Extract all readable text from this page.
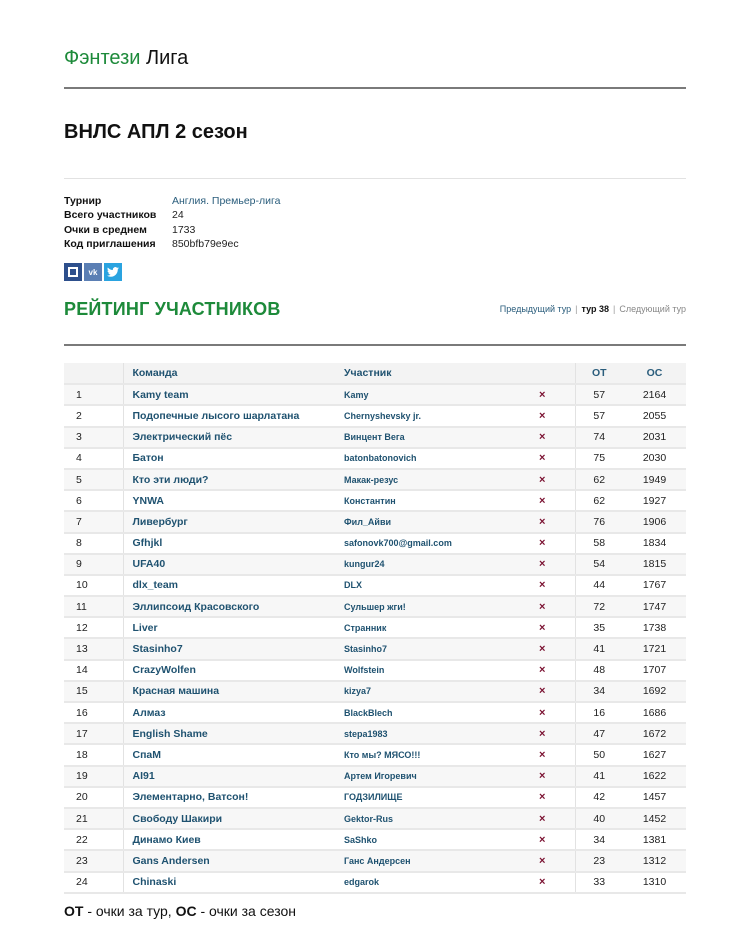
Фэнтези Лига
ВНЛС АПЛ 2 сезон
Турнир	Англия. Премьер-лига
Всего участников	24
Очки в среднем	1733
Код приглашения	850bfb79e9ec
vk
РЕЙТИНГ УЧАСТНИКОВ	Предыдущий тур | тур 38 | Следующий тур
	Команда	Участник		ОТ	ОС
1	Kamy team	Kamy	×	57	2164
2	Подопечные лысого шарлатана	Chernyshevsky jr.	×	57	2055
3	Электрический пёс	Винцент Вега	×	74	2031
4	Батон	batonbatonovich	×	75	2030
5	Кто эти люди?	Макак-резус	×	62	1949
6	YNWA	Константин	×	62	1927
7	Ливербург	Фил_Айви	×	76	1906
8	Gfhjkl	safonovk700@gmail.com	×	58	1834
9	UFA40	kungur24	×	54	1815
10	dlx_team	DLX	×	44	1767
11	Эллипсоид Красовского	Сульшер жги!	×	72	1747
12	Liver	Странник	×	35	1738
13	Stasinho7	Stasinho7	×	41	1721
14	CrazyWolfen	Wolfstein	×	48	1707
15	Красная машина	kizya7	×	34	1692
16	Алмаз	BlackBlech	×	16	1686
17	English Shame	stepa1983	×	47	1672
18	СпаМ	Кто мы? МЯСО!!!	×	50	1627
19	AI91	Артем Игоревич	×	41	1622
20	Элементарно, Ватсон!	ГОДЗИЛИЩЕ	×	42	1457
21	Свободу Шакири	Gektor-Rus	×	40	1452
22	Динамо Киев	SaShko	×	34	1381
23	Gans Andersen	Ганс Андерсен	×	23	1312
24	Chinaski	edgarok	×	33	1310
ОТ - очки за тур, ОС - очки за сезон
